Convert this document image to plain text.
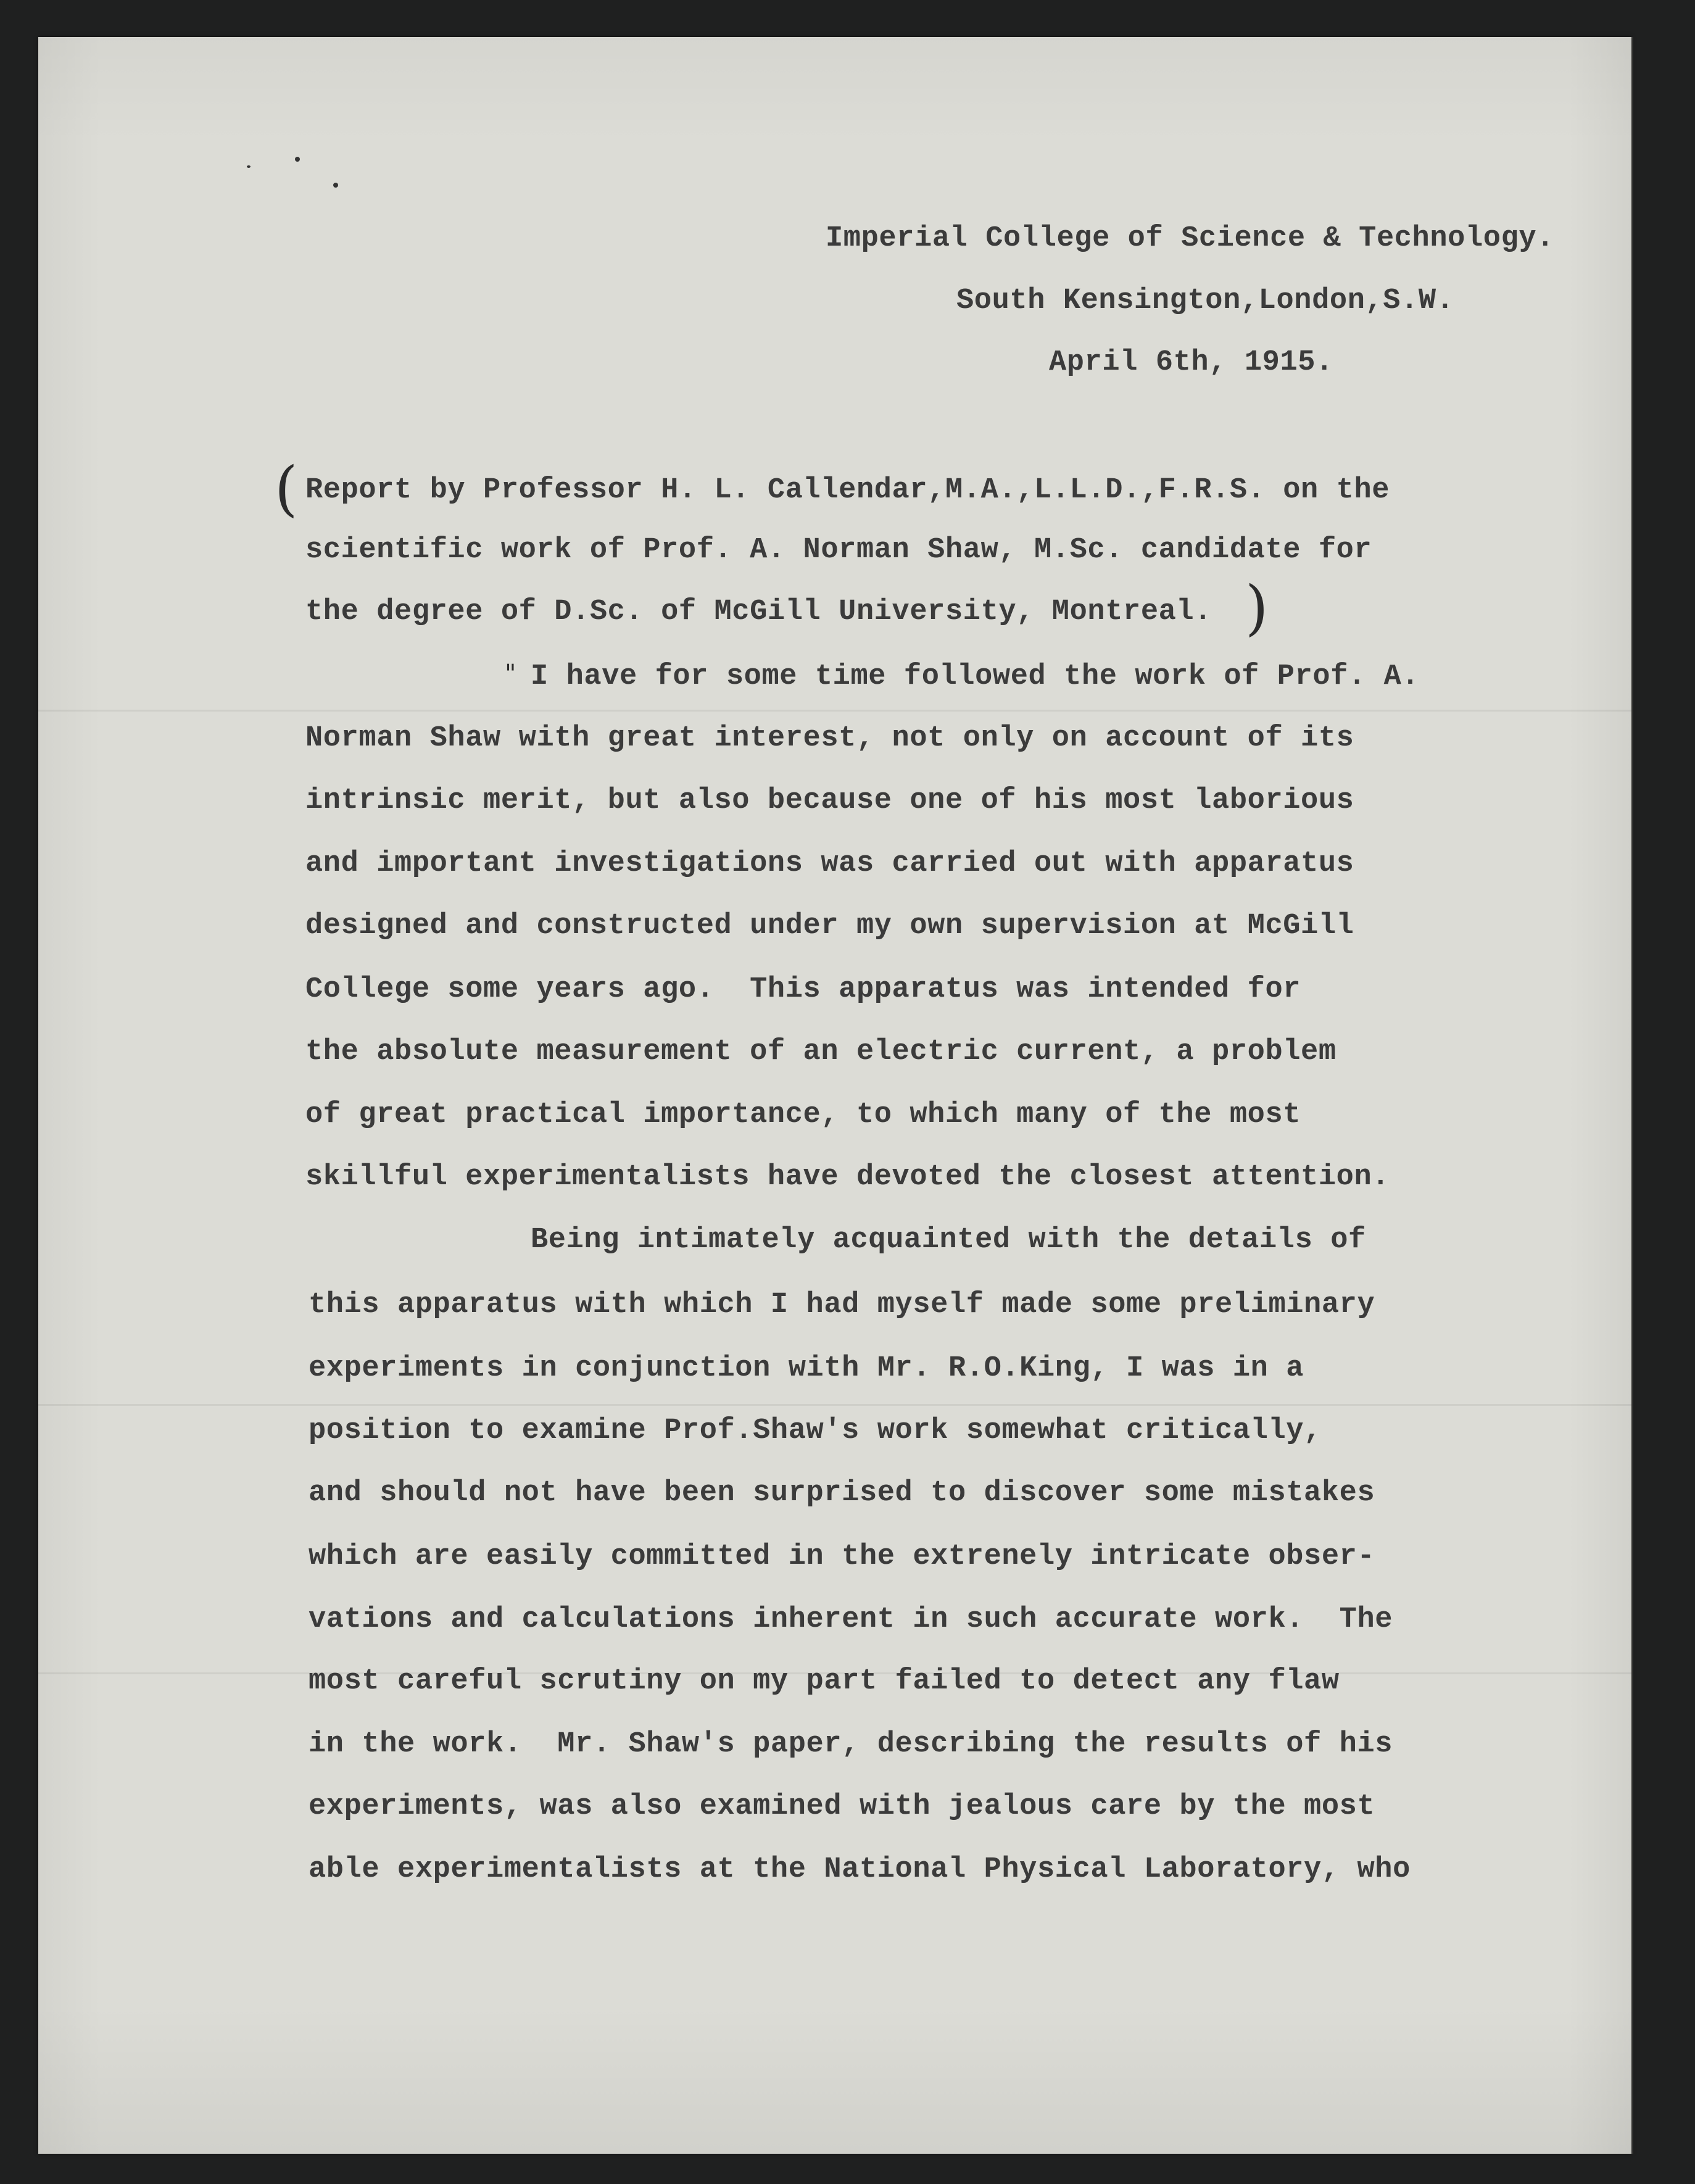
Imperial College of Science & Technology.
South Kensington,London,S.W.
April 6th, 1915.
(
)
"
Report by Professor H. L. Callendar,M.A.,L.L.D.,F.R.S. on the
scientific work of Prof. A. Norman Shaw, M.Sc. candidate for
the degree of D.Sc. of McGill University, Montreal.
I have for some time followed the work of Prof. A.
Norman Shaw with great interest, not only on account of its
intrinsic merit, but also because one of his most laborious
and important investigations was carried out with apparatus
designed and constructed under my own supervision at McGill
College some years ago.  This apparatus was intended for
the absolute measurement of an electric current, a problem
of great practical importance, to which many of the most
skillful experimentalists have devoted the closest attention.
Being intimately acquainted with the details of
this apparatus with which I had myself made some preliminary
experiments in conjunction with Mr. R.O.King, I was in a
position to examine Prof.Shaw's work somewhat critically,
and should not have been surprised to discover some mistakes
which are easily committed in the extrenely intricate obser-
vations and calculations inherent in such accurate work.  The
most careful scrutiny on my part failed to detect any flaw
in the work.  Mr. Shaw's paper, describing the results of his
experiments, was also examined with jealous care by the most
able experimentalists at the National Physical Laboratory, who
